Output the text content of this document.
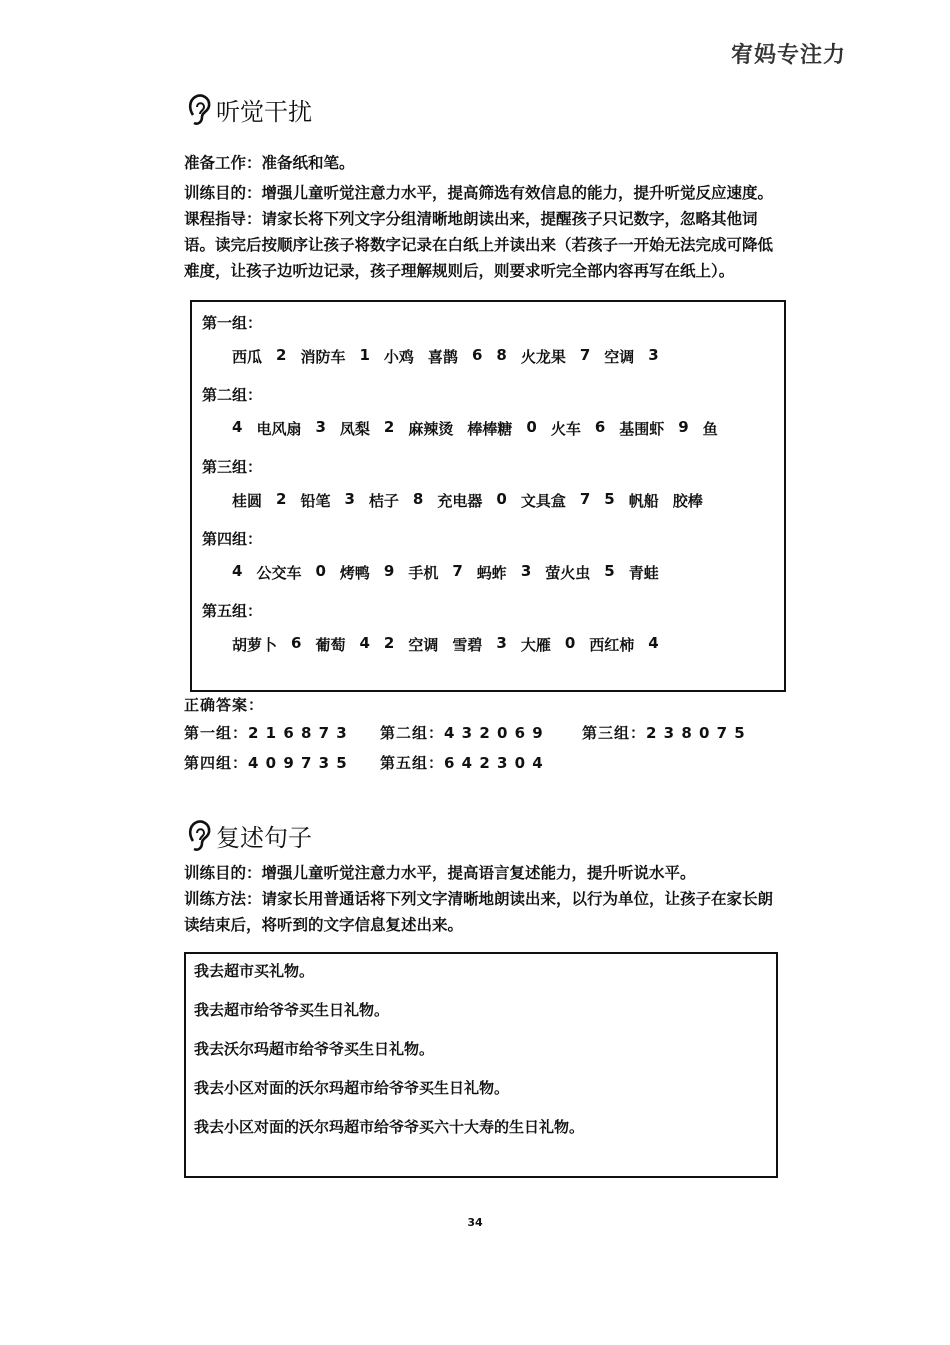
宥妈专注力
听觉干扰

准备工作：准备纸和笔。

训练目的：增强儿童听觉注意力水平，提高筛选有效信息的能力，提升听觉反应速度。

课程指导：请家长将下列文字分组清晰地朗读出来，提醒孩子只记数字，忽略其他词语。读完后按顺序让孩子将数字记录在白纸上并读出来（若孩子一开始无法完成可降低难度，让孩子边听边记录，孩子理解规则后，则要求听完全部内容再写在纸上）。

第一组：
西瓜 2 消防车 1 小鸡 喜鹊 6 8 火龙果 7 空调 3
第二组：
4 电风扇 3 凤梨 2 麻辣烫 棒棒糖 0 火车 6 基围虾 9 鱼
第三组：
桂圆 2 铅笔 3 桔子 8 充电器 0 文具盒 7 5 帆船 胶棒
第四组：
4 公交车 0 烤鸭 9 手机 7 蚂蚱 3 萤火虫 5 青蛙
第五组：
胡萝卜 6 葡萄 4 2 空调 雪碧 3 大雁 0 西红柿 4
正确答案：
第一组：2 1 6 8 7 3 第二组：4 3 2 0 6 9	第三组：2 3 8 0 7 5
第四组：4 0 9 7 3 5 第五组：6 4 2 3 0 4
复述句子

训练目的：增强儿童听觉注意力水平，提高语言复述能力，提升听说水平。

训练方法：请家长用普通话将下列文字清晰地朗读出来，以行为单位，让孩子在家长朗读结束后，将听到的文字信息复述出来。

我去超市买礼物。
我去超市给爷爷买生日礼物。
我去沃尔玛超市给爷爷买生日礼物。
我去小区对面的沃尔玛超市给爷爷买生日礼物。
我去小区对面的沃尔玛超市给爷爷买六十大寿的生日礼物。
34
